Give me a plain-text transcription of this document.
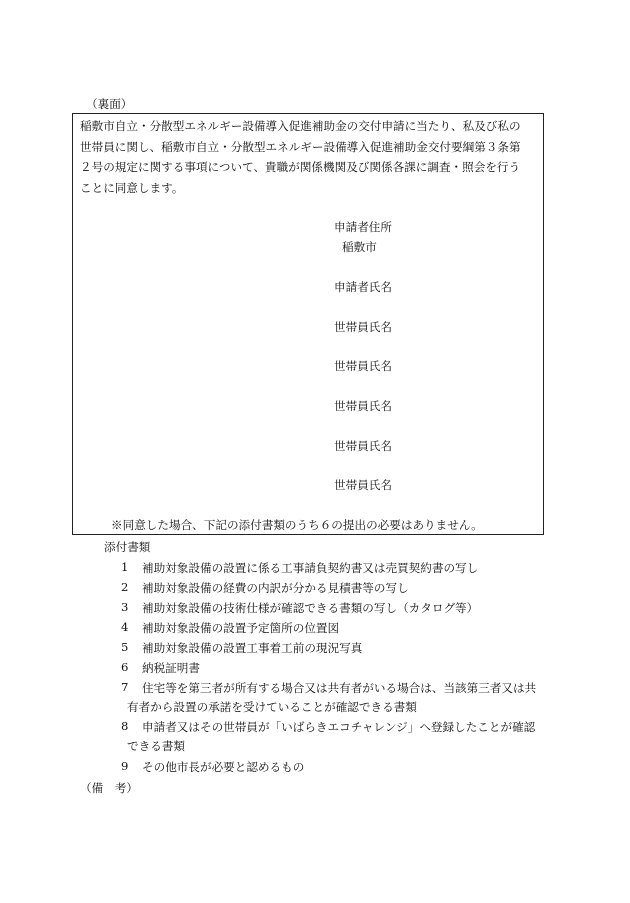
（裏面）
稲敷市自立・分散型エネルギー設備導入促進補助金の交付申請に当たり、私及び私の
世帯員に関し、稲敷市自立・分散型エネルギー設備導入促進補助金交付要綱第３条第
２号の規定に関する事項について、貴職が関係機関及び関係各課に調査・照会を行う
ことに同意します。
申請者住所
稲敷市
申請者氏名
世帯員氏名
世帯員氏名
世帯員氏名
世帯員氏名
世帯員氏名
※同意した場合、下記の添付書類のうち６の提出の必要はありません。
添付書類
1 補助対象設備の設置に係る工事請負契約書又は売買契約書の写し
2 補助対象設備の経費の内訳が分かる見積書等の写し
3 補助対象設備の技術仕様が確認できる書類の写し（カタログ等）
4 補助対象設備の設置予定箇所の位置図
5 補助対象設備の設置工事着工前の現況写真
6 納税証明書
7 住宅等を第三者が所有する場合又は共有者がいる場合は、当該第三者又は共
有者から設置の承諾を受けていることが確認できる書類
8 申請者又はその世帯員が「いばらきエコチャレンジ」へ登録したことが確認
できる書類
9 その他市長が必要と認めるもの
（備　考）
